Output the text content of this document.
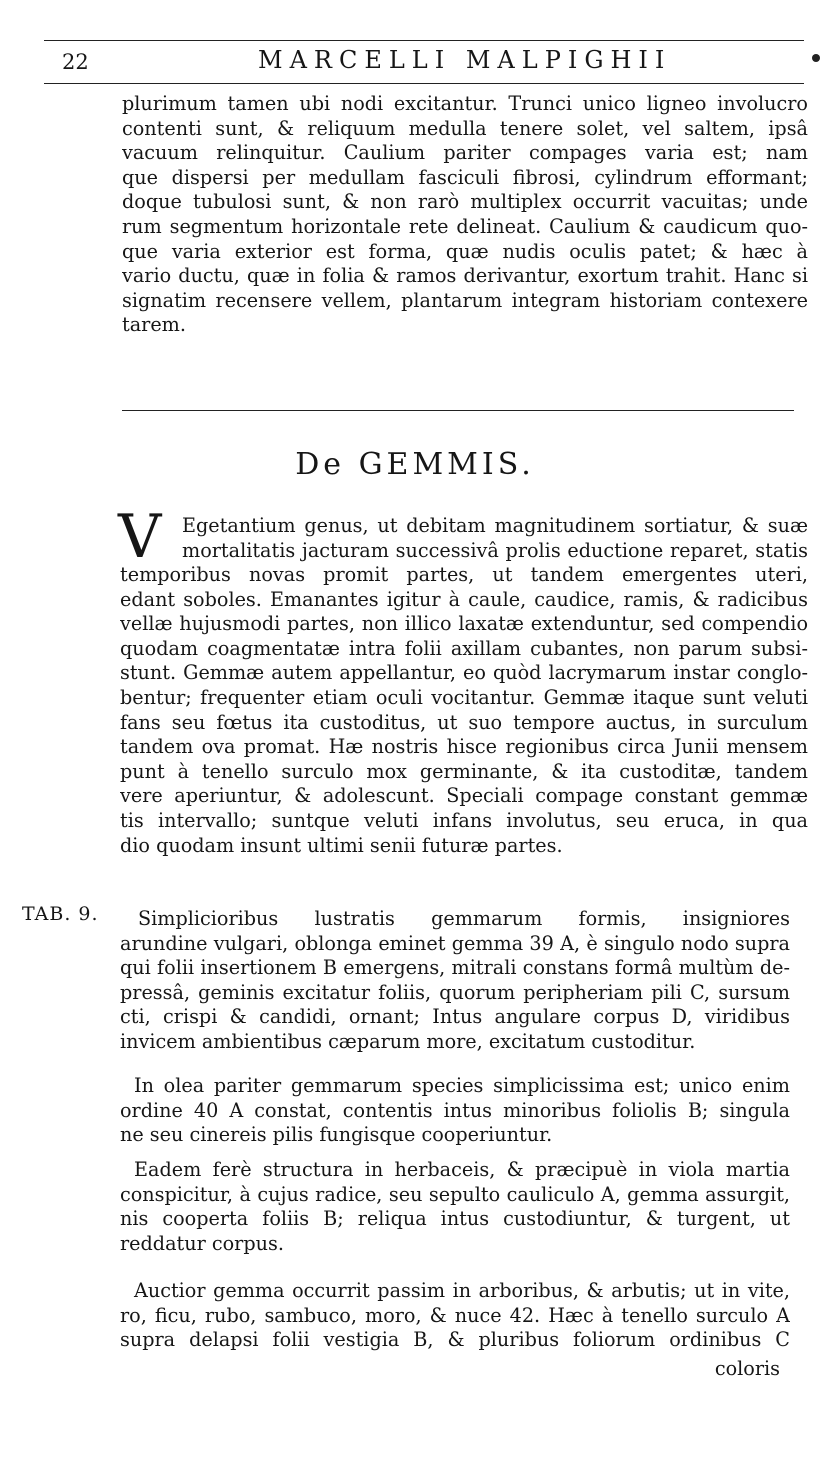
22	MARCELLI MALPIGHII
plurimum tamen ubi nodi excitantur. Trunci unico ligneo involucro
contenti sunt, & reliquum medulla tenere solet, vel saltem, ipsâ
vacuum relinquitur. Caulium pariter compages varia est; nam
que dispersi per medullam fasciculi fibrosi, cylindrum efformant;
doque tubulosi sunt, & non rarò multiplex occurrit vacuitas; unde
rum segmentum horizontale rete delineat. Caulium & caudicum quo-
que varia exterior est forma, quæ nudis oculis patet; & hæc à
vario ductu, quæ in folia & ramos derivantur, exortum trahit. Hanc si
signatim recensere vellem, plantarum integram historiam contexere
tarem.
De GEMMIS.
V Egetantium genus, ut debitam magnitudinem sortiatur, & suæ
mortalitatis jacturam successivâ prolis eductione reparet, statis
temporibus novas promit partes, ut tandem emergentes uteri,
edant soboles. Emanantes igitur à caule, caudice, ramis, & radicibus
vellæ hujusmodi partes, non illico laxatæ extenduntur, sed compendio
quodam coagmentatæ intra folii axillam cubantes, non parum subsi-
stunt. Gemmæ autem appellantur, eo quòd lacrymarum instar conglo-
bentur; frequenter etiam oculi vocitantur. Gemmæ itaque sunt veluti
fans seu fœtus ita custoditus, ut suo tempore auctus, in surculum
tandem ova promat. Hæ nostris hisce regionibus circa Junii mensem
punt à tenello surculo mox germinante, & ita custoditæ, tandem
vere aperiuntur, & adolescunt. Speciali compage constant gemmæ
tis intervallo; suntque veluti infans involutus, seu eruca, in qua
dio quodam insunt ultimi senii futuræ partes.
TAB. 9.	Simplicioribus lustratis gemmarum formis, insigniores
arundine vulgari, oblonga eminet gemma 39 A, è singulo nodo supra
qui folii insertionem B emergens, mitrali constans formâ multùm de-
pressâ, geminis excitatur foliis, quorum peripheriam pili C, sursum
cti, crispi & candidi, ornant; Intus angulare corpus D, viridibus
invicem ambientibus cæparum more, excitatum custoditur.
In olea pariter gemmarum species simplicissima est; unico enim
ordine 40 A constat, contentis intus minoribus foliolis B; singula
ne seu cinereis pilis fungisque cooperiuntur.
Eadem ferè structura in herbaceis, & præcipuè in viola martia
conspicitur, à cujus radice, seu sepulto cauliculo A, gemma assurgit,
nis cooperta foliis B; reliqua intus custodiuntur, & turgent, ut
reddatur corpus.
Auctior gemma occurrit passim in arboribus, & arbutis; ut in vite,
ro, ficu, rubo, sambuco, moro, & nuce 42. Hæc à tenello surculo A
supra delapsi folii vestigia B, & pluribus foliorum ordinibus C
coloris
